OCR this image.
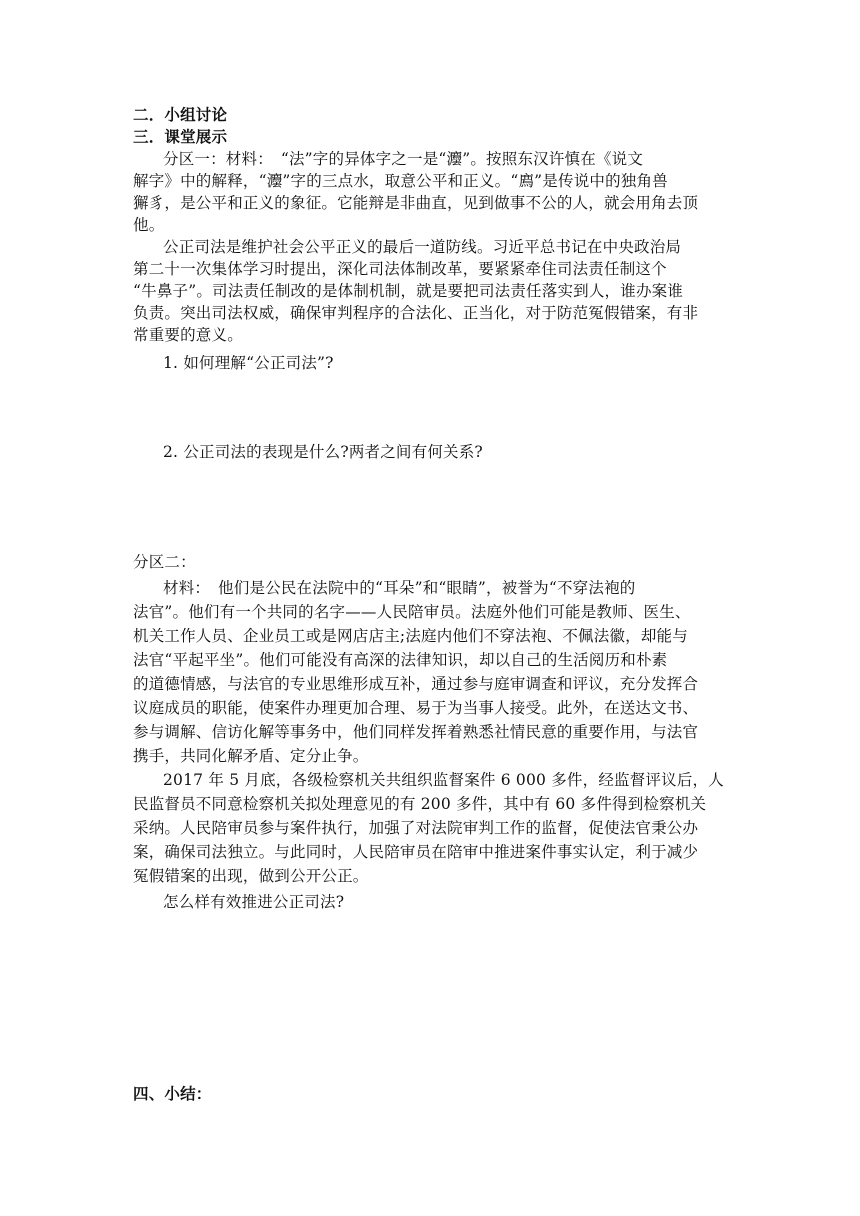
二．小组讨论
三．课堂展示
分区一：材料：　“法”字的异体字之一是“灋”。按照东汉许慎在《说文
解字》中的解释，“灋”字的三点水，取意公平和正义。“廌”是传说中的独角兽
獬豸，是公平和正义的象征。它能辩是非曲直，见到做事不公的人，就会用角去顶
他。
公正司法是维护社会公平正义的最后一道防线。习近平总书记在中央政治局
第二十一次集体学习时提出，深化司法体制改革，要紧紧牵住司法责任制这个
“牛鼻子”。司法责任制改的是体制机制，就是要把司法责任落实到人，谁办案谁
负责。突出司法权威，确保审判程序的合法化、正当化，对于防范冤假错案，有非
常重要的意义。
1. 如何理解“公正司法”?
2. 公正司法的表现是什么?两者之间有何关系?
分区二：
材料：　他们是公民在法院中的“耳朵”和“眼睛”，被誉为“不穿法袍的
法官”。他们有一个共同的名字——人民陪审员。法庭外他们可能是教师、医生、
机关工作人员、企业员工或是网店店主;法庭内他们不穿法袍、不佩法徽，却能与
法官“平起平坐”。他们可能没有高深的法律知识，却以自己的生活阅历和朴素
的道德情感，与法官的专业思维形成互补，通过参与庭审调查和评议，充分发挥合
议庭成员的职能，使案件办理更加合理、易于为当事人接受。此外，在送达文书、
参与调解、信访化解等事务中，他们同样发挥着熟悉社情民意的重要作用，与法官
携手，共同化解矛盾、定分止争。
2017 年 5 月底，各级检察机关共组织监督案件 6 000 多件，经监督评议后，人
民监督员不同意检察机关拟处理意见的有 200 多件，其中有 60 多件得到检察机关
采纳。人民陪审员参与案件执行，加强了对法院审判工作的监督，促使法官秉公办
案，确保司法独立。与此同时，人民陪审员在陪审中推进案件事实认定，利于减少
冤假错案的出现，做到公开公正。
怎么样有效推进公正司法?
四、小结：
